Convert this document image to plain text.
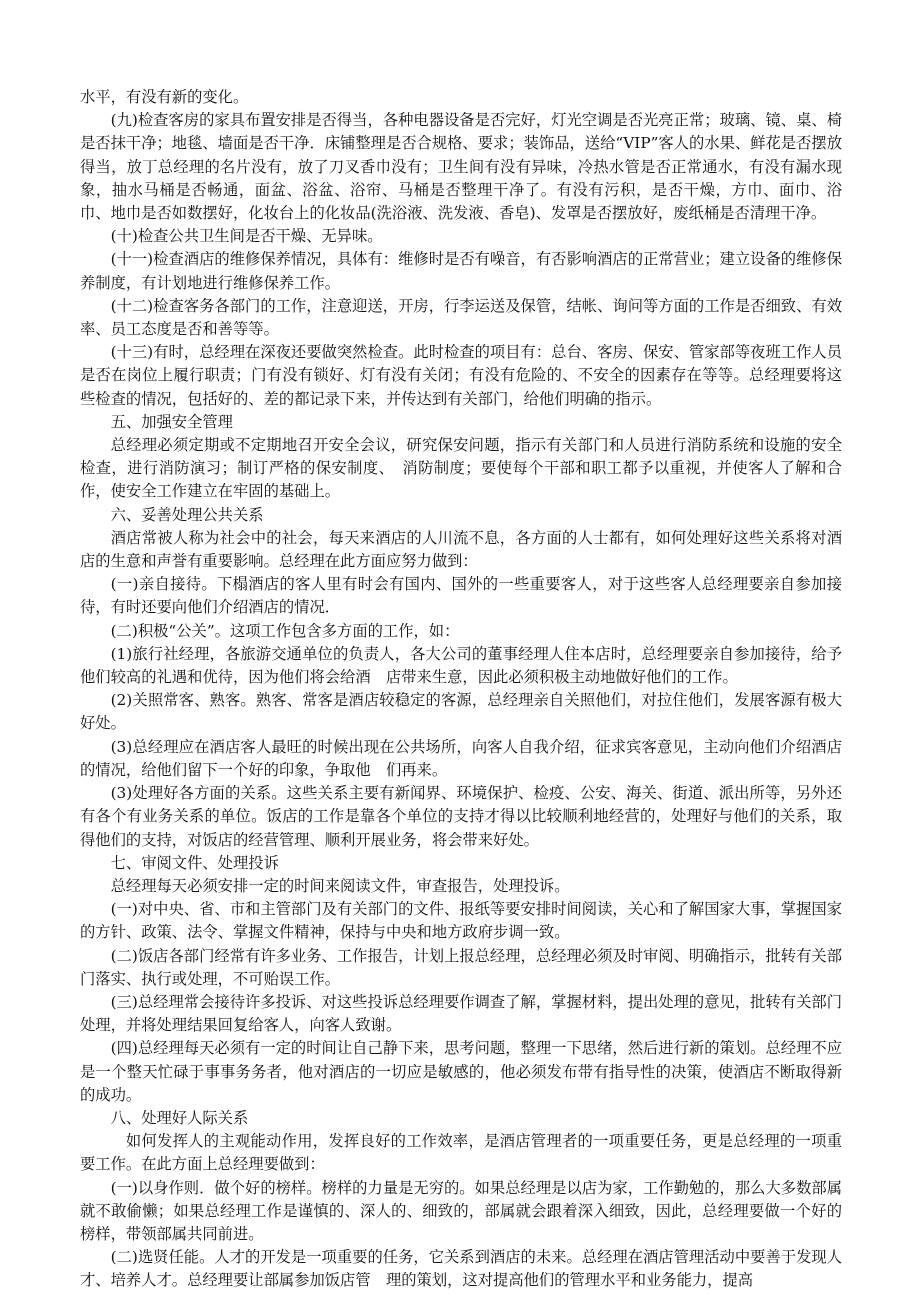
水平，有没有新的变化。

(九)检查客房的家具布置安排是否得当，各种电器设备是否完好，灯光空调是否光亮正常；玻璃、镜、桌、椅是否抹干净；地毯、墙面是否干净．床铺整理是否合规格、要求；装饰品，送给“VIP”客人的水果、鲜花是否摆放得当，放丁总经理的名片没有，放了刀叉香巾没有；卫生间有没有异味，冷热水管是否正常通水，有没有漏水现象，抽水马桶是否畅通，面盆、浴盆、浴帘、马桶是否整理干净了。有没有污积，是否干燥，方巾、面巾、浴巾、地巾是否如数摆好，化妆台上的化妆品(洗浴液、洗发液、香皂)、发罩是否摆放好，废纸桶是否清理干净。

(十)检查公共卫生间是否干燥、无异味。

(十一)检查酒店的维修保养情况，具体有：维修时是否有噪音，有否影响酒店的正常营业；建立设备的维修保养制度，有计划地进行维修保养工作。

(十二)检查客务各部门的工作，注意迎送，开房，行李运送及保管，结帐、询问等方面的工作是否细致、有效率、员工态度是否和善等等。

(十三)有时，总经理在深夜还要做突然检查。此时检查的项目有：总台、客房、保安、管家部等夜班工作人员是否在岗位上履行职责；门有没有锁好、灯有没有关闭；有没有危险的、不安全的因素存在等等。总经理要将这些检查的情况，包括好的、差的都记录下来，并传达到有关部门，给他们明确的指示。

五、加强安全管理

总经理必须定期或不定期地召开安全会议，研究保安问题，指示有关部门和人员进行消防系统和设施的安全检查，进行消防演习；制订严格的保安制度、　消防制度；要使每个干部和职工都予以重视，并使客人了解和合作，使安全工作建立在牢固的基础上。

六、妥善处理公共关系

酒店常被人称为社会中的社会，每天来酒店的人川流不息，各方面的人士都有，如何处理好这些关系将对酒店的生意和声誉有重要影响。总经理在此方面应努力做到：

(一)亲自接待。下榻酒店的客人里有时会有国内、国外的一些重要客人，对于这些客人总经理要亲自参加接待，有时还要向他们介绍酒店的情况．

(二)积极“公关”。这项工作包含多方面的工作，如：

(1)旅行社经理，各旅游交通单位的负责人，各大公司的董事经理人住本店时，总经理要亲自参加接待，给予他们较高的礼遇和优待，因为他们将会给酒　店带来生意，因此必须积极主动地做好他们的工作。

(2)关照常客、熟客。熟客、常客是酒店较稳定的客源，总经理亲自关照他们，对拉住他们，发展客源有极大好处。

(3)总经理应在酒店客人最旺的时候出现在公共场所，向客人自我介绍，征求宾客意见，主动向他们介绍酒店的情况，给他们留下一个好的印象，争取他　们再来。

(3)处理好各方面的关系。这些关系主要有新闻界、环境保护、检疫、公安、海关、街道、派出所等，另外还有各个有业务关系的单位。饭店的工作是靠各个单位的支持才得以比较顺利地经营的，处理好与他们的关系，取得他们的支持，对饭店的经营管理、顺利开展业务，将会带来好处。

七、审阅文件、处理投诉

总经理每天必须安排一定的时间来阅读文件，审查报告，处理投诉。

(一)对中央、省、市和主管部门及有关部门的文件、报纸等要安排时间阅读，关心和了解国家大事，掌握国家的方针、政策、法令、掌握文件精神，保持与中央和地方政府步调一致。

(二)饭店各部门经常有许多业务、工作报告，计划上报总经理，总经理必须及时审阅、明确指示，批转有关部门落实、执行或处理，不可贻误工作。

(三)总经理常会接待许多投诉、对这些投诉总经理要作调查了解，掌握材料，提出处理的意见，批转有关部门处理，并将处理结果回复给客人，向客人致谢。

(四)总经理每天必须有一定的时间让自己静下来，思考问题，整理一下思绪，然后进行新的策划。总经理不应是一个整天忙碌于事事务务者，他对酒店的一切应是敏感的，他必须发布带有指导性的决策，使酒店不断取得新的成功。

八、处理好人际关系

如何发挥人的主观能动作用，发挥良好的工作效率，是酒店管理者的一项重要任务，更是总经理的一项重要工作。在此方面上总经理要做到：

(一)以身作则．做个好的榜样。榜样的力量是无穷的。如果总经理是以店为家，工作勤勉的，那么大多数部属就不敢偷懒；如果总经理工作是谨慎的、深人的、细致的，部属就会跟着深入细致，因此，总经理要做一个好的榜样，带领部属共同前进。

(二)选贤任能。人才的开发是一项重要的任务，它关系到酒店的未来。总经理在酒店管理活动中要善于发现人才、培养人才。总经理要让部属参加饭店管　理的策划，这对提高他们的管理水平和业务能力，提高
